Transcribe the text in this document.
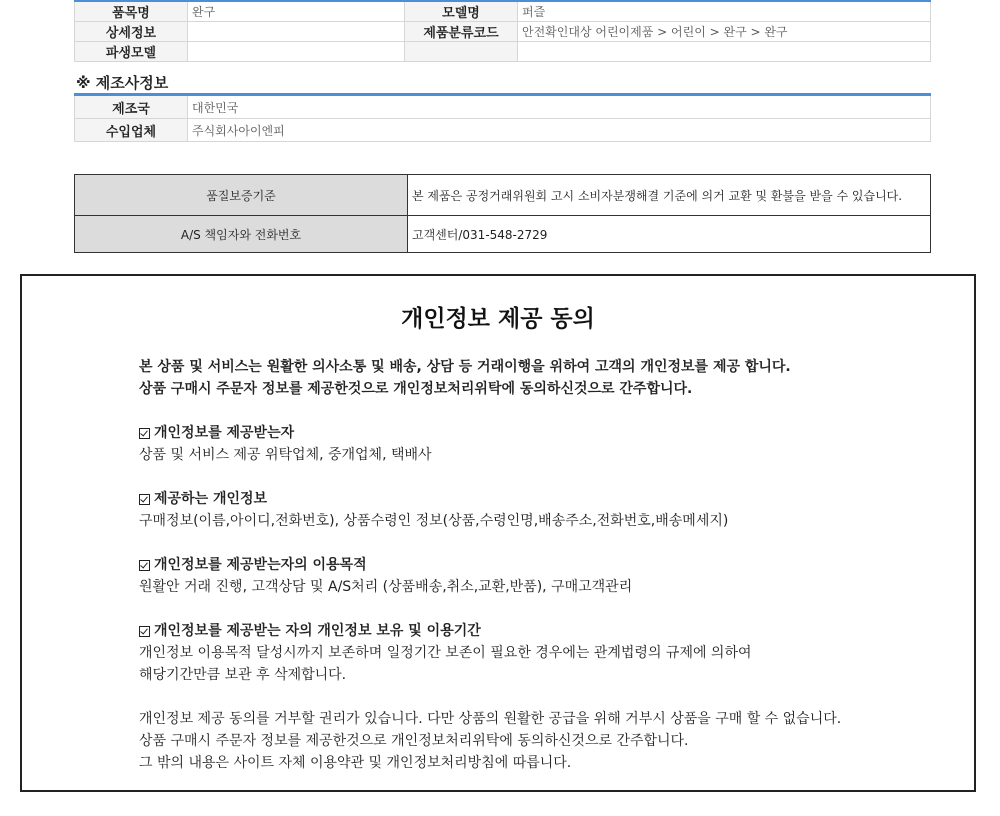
품목명	완구	모델명	퍼즐
상세정보		제품분류코드	안전확인대상 어린이제품 > 어린이 > 완구 > 완구
파생모델			
※ 제조사정보
제조국	대한민국
수입업체	주식회사아이엔피
품질보증기준	본 제품은 공정거래위원회 고시 소비자분쟁해결 기준에 의거 교환 및 환불을 받을 수 있습니다.
A/S 책임자와 전화번호	고객센터/031-548-2729
개인정보 제공 동의
본 상품 및 서비스는 원활한 의사소통 및 배송, 상담 등 거래이행을 위하여 고객의 개인정보를 제공 합니다.
상품 구매시 주문자 정보를 제공한것으로 개인정보처리위탁에 동의하신것으로 간주합니다.
개인정보를 제공받는자
상품 및 서비스 제공 위탁업체, 중개업체, 택배사
제공하는 개인정보
구매정보(이름,아이디,전화번호), 상품수령인 정보(상품,수령인명,배송주소,전화번호,배송메세지)
개인정보를 제공받는자의 이용목적
원활안 거래 진행, 고객상담 및 A/S처리 (상품배송,취소,교환,반품), 구매고객관리
개인정보를 제공받는 자의 개인정보 보유 및 이용기간
개인정보 이용목적 달성시까지 보존하며 일정기간 보존이 필요한 경우에는 관계법령의 규제에 의하여
해당기간만큼 보관 후 삭제합니다.
개인정보 제공 동의를 거부할 권리가 있습니다. 다만 상품의 원활한 공급을 위해 거부시 상품을 구매 할 수 없습니다.
상품 구매시 주문자 정보를 제공한것으로 개인정보처리위탁에 동의하신것으로 간주합니다.
그 밖의 내용은 사이트 자체 이용약관 및 개인정보처리방침에 따릅니다.
